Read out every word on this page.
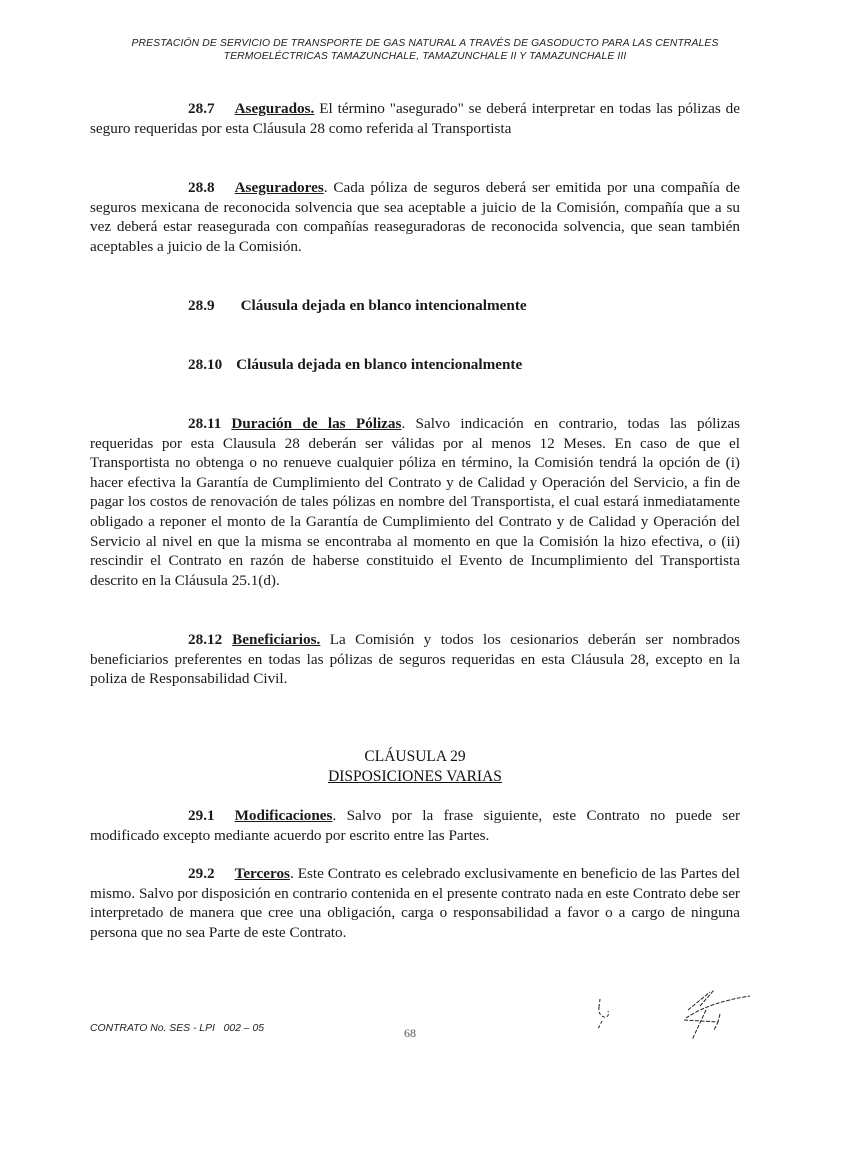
PRESTACIÓN DE SERVICIO DE TRANSPORTE DE GAS NATURAL A TRAVÉS DE GASODUCTO PARA LAS CENTRALES
TERMOELÉCTRICAS TAMAZUNCHALE, TAMAZUNCHALE II Y TAMAZUNCHALE III

28.7 Asegurados. El término "asegurado" se deberá interpretar en todas las pólizas de seguro requeridas por esta Cláusula 28 como referida al Transportista

28.8 Aseguradores. Cada póliza de seguros deberá ser emitida por una compañía de seguros mexicana de reconocida solvencia que sea aceptable a juicio de la Comisión, compañía que a su vez deberá estar reasegurada con compañías reaseguradoras de reconocida solvencia, que sean también aceptables a juicio de la Comisión.

28.9 Cláusula dejada en blanco intencionalmente

28.10 Cláusula dejada en blanco intencionalmente

28.11 Duración de las Pólizas. Salvo indicación en contrario, todas las pólizas requeridas por esta Clausula 28 deberán ser válidas por al menos 12 Meses. En caso de que el Transportista no obtenga o no renueve cualquier póliza en término, la Comisión tendrá la opción de (i) hacer efectiva la Garantía de Cumplimiento del Contrato y de Calidad y Operación del Servicio, a fin de pagar los costos de renovación de tales pólizas en nombre del Transportista, el cual estará inmediatamente obligado a reponer el monto de la Garantía de Cumplimiento del Contrato y de Calidad y Operación del Servicio al nivel en que la misma se encontraba al momento en que la Comisión la hizo efectiva, o (ii) rescindir el Contrato en razón de haberse constituido el Evento de Incumplimiento del Transportista descrito en la Cláusula 25.1(d).

28.12 Beneficiarios. La Comisión y todos los cesionarios deberán ser nombrados beneficiarios preferentes en todas las pólizas de seguros requeridas en esta Cláusula 28, excepto en la poliza de Responsabilidad Civil.

CLÁUSULA 29
DISPOSICIONES VARIAS

29.1 Modificaciones. Salvo por la frase siguiente, este Contrato no puede ser modificado excepto mediante acuerdo por escrito entre las Partes.

29.2 Terceros. Este Contrato es celebrado exclusivamente en beneficio de las Partes del mismo. Salvo por disposición en contrario contenida en el presente contrato nada en este Contrato debe ser interpretado de manera que cree una obligación, carga o responsabilidad a favor o a cargo de ninguna persona que no sea Parte de este Contrato.

CONTRATO No. SES - LPI   002 – 05	68
